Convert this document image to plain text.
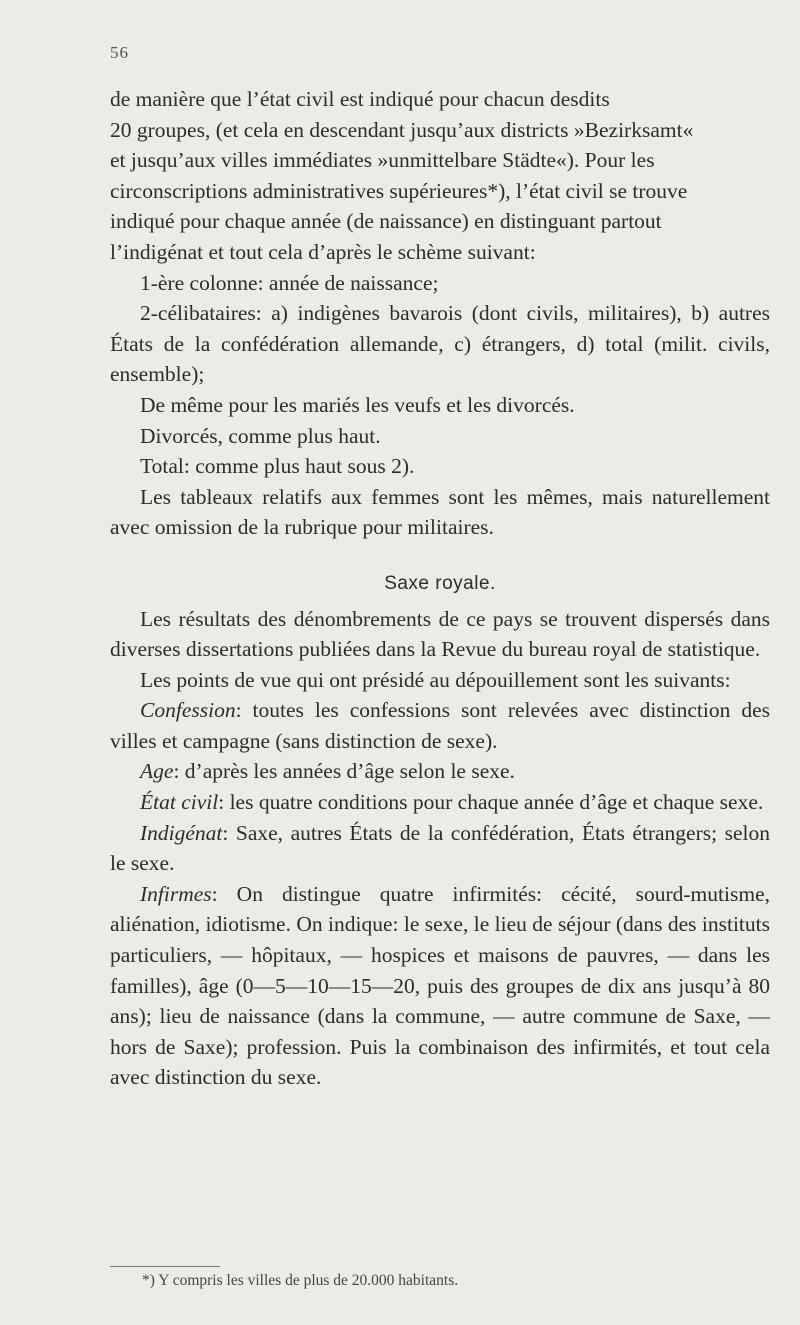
56

de manière que l’état civil est indiqué pour chacun desdits

20 groupes, (et cela en descendant jusqu’aux districts »Bezirksamt«

et jusqu’aux villes immédiates »unmittelbare Städte«). Pour les

circonscriptions administratives supérieures*), l’état civil se trouve

indiqué pour chaque année (de naissance) en distinguant partout

l’indigénat et tout cela d’après le schème suivant:

1-ère colonne: année de naissance;

2-célibataires: a) indigènes bavarois (dont civils, militaires), b) autres États de la confédération allemande, c) étrangers, d) total (milit. civils, ensemble);

De même pour les mariés les veufs et les divorcés.

Divorcés, comme plus haut.

Total: comme plus haut sous 2).

Les tableaux relatifs aux femmes sont les mêmes, mais naturellement avec omission de la rubrique pour militaires.

Saxe royale.

Les résultats des dénombrements de ce pays se trouvent dispersés dans diverses dissertations publiées dans la Revue du bureau royal de statistique.

Les points de vue qui ont présidé au dépouillement sont les suivants:

Confession: toutes les confessions sont relevées avec distinction des villes et campagne (sans distinction de sexe).

Age: d’après les années d’âge selon le sexe.

État civil: les quatre conditions pour chaque année d’âge et chaque sexe.

Indigénat: Saxe, autres États de la confédération, États étrangers; selon le sexe.

Infirmes: On distingue quatre infirmités: cécité, sourd-mutisme, aliénation, idiotisme. On indique: le sexe, le lieu de séjour (dans des instituts particuliers, — hôpitaux, — hospices et maisons de pauvres, — dans les familles), âge (0—5—10—15—20, puis des groupes de dix ans jusqu’à 80 ans); lieu de naissance (dans la commune, — autre commune de Saxe, — hors de Saxe); profession. Puis la combinaison des infirmités, et tout cela avec distinction du sexe.

*) Y compris les villes de plus de 20.000 habitants.
